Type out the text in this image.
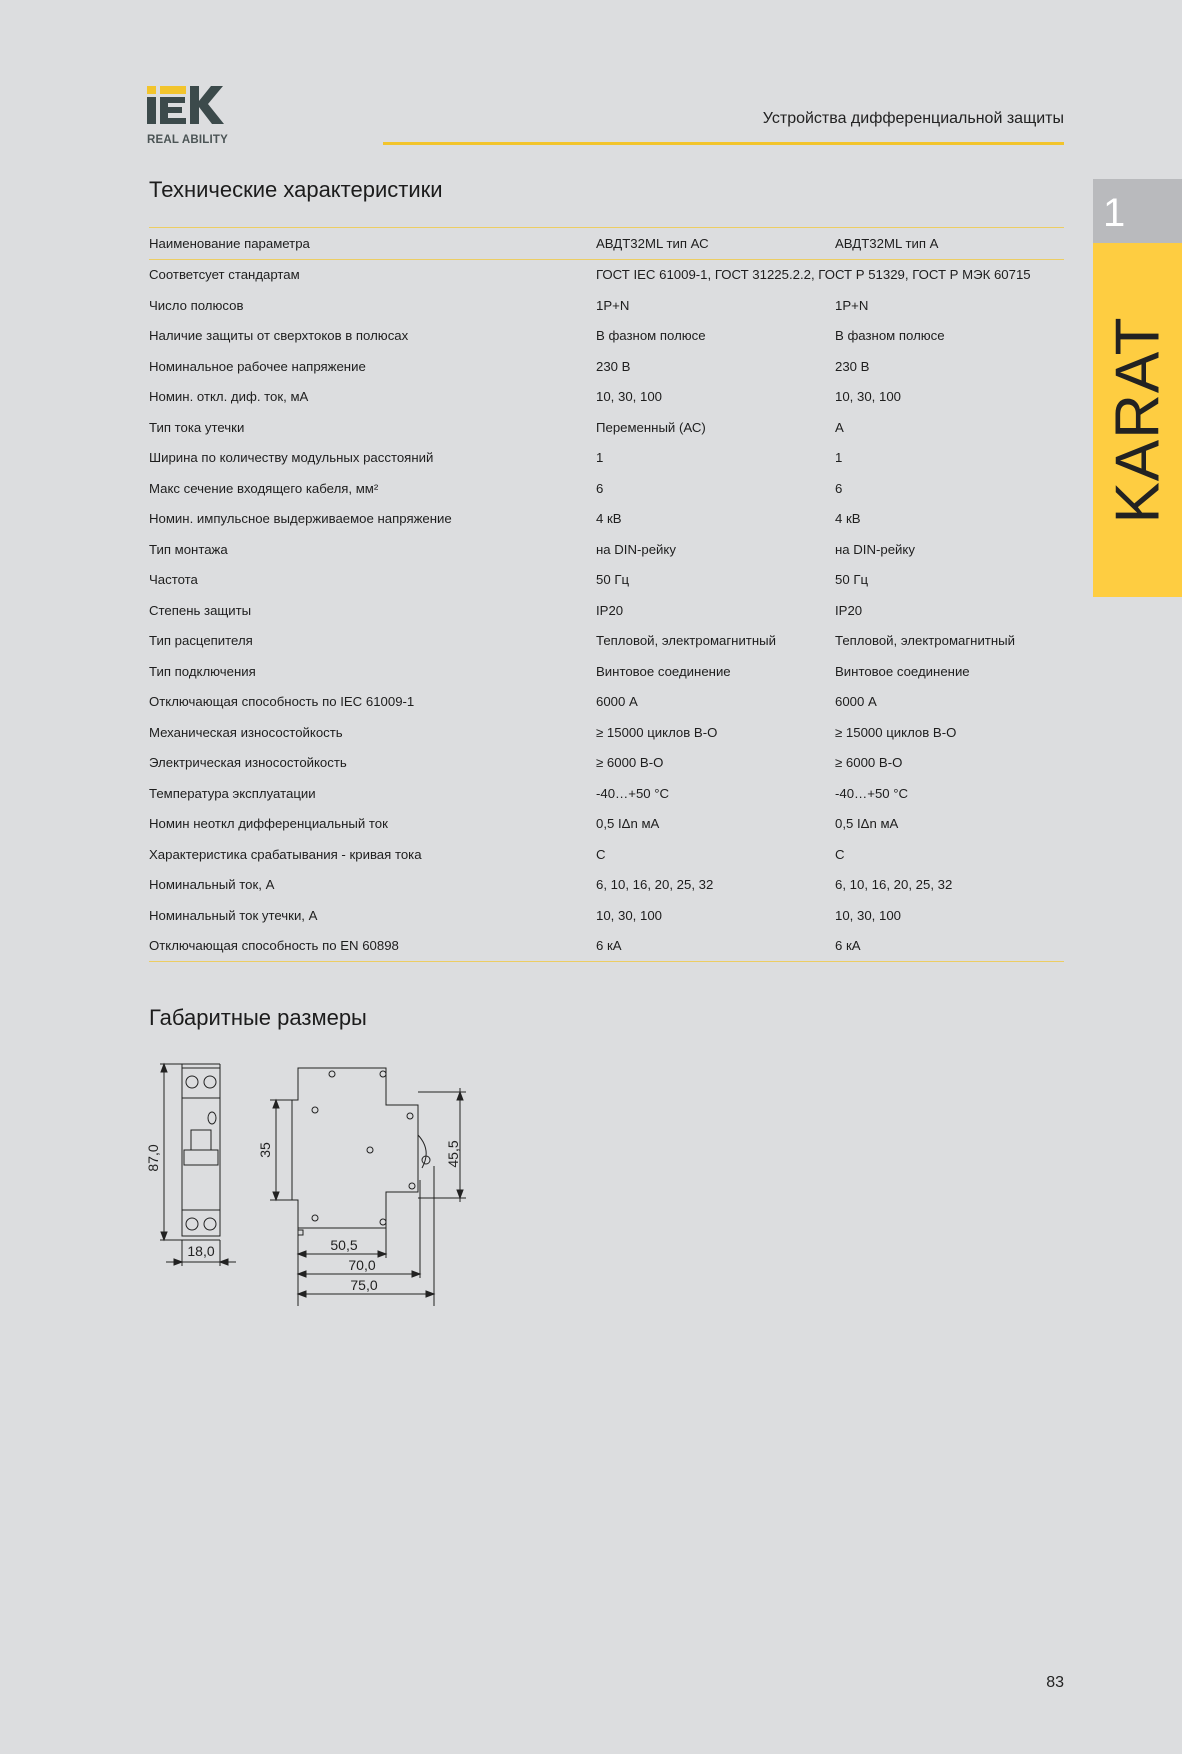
REAL ABILITY
Устройства дифференциальной защиты
1
KARAT
Технические характеристики
Наименование параметра	АВДТ32ML тип АС	АВДТ32ML тип А
Соответсует стандартам	ГОСТ IEC 61009-1, ГОСТ 31225.2.2, ГОСТ Р 51329, ГОСТ Р МЭК 60715	
Число полюсов	1P+N	1P+N
Наличие защиты от сверхтоков в полюсах	В фазном полюсе	В фазном полюсе
Номинальное рабочее напряжение	230 В	230 В
Номин. откл. диф. ток, мА	10, 30, 100	10, 30, 100
Тип тока утечки	Переменный (АС)	А
Ширина по количеству модульных расстояний	1	1
Макс сечение входящего кабеля, мм²	6	6
Номин. импульсное выдерживаемое напряжение	4 кВ	4 кВ
Тип монтажа	на DIN-рейку	на DIN-рейку
Частота	50 Гц	50 Гц
Степень защиты	IP20	IP20
Тип расцепителя	Тепловой, электромагнитный	Тепловой, электромагнитный
Тип подключения	Винтовое соединение	Винтовое соединение
Отключающая способность по IEC 61009-1	6000 А	6000 А
Механическая износостойкость	≥ 15000 циклов В-О	≥ 15000 циклов В-О
Электрическая износостойкость	≥ 6000 В-О	≥ 6000 В-О
Температура эксплуатации	-40…+50 °С	-40…+50 °С
Номин неоткл дифференциальный ток	0,5 IΔn мА	0,5 IΔn мА
Характеристика срабатывания - кривая тока	С	С
Номинальный ток, А	6, 10, 16, 20, 25, 32	6, 10, 16, 20, 25, 32
Номинальный ток утечки, А	10, 30, 100	10, 30, 100
Отключающая способность по EN 60898	6 кА	6 кА
Габаритные размеры
87,0
18,0
35	45,5
50,5
70,0
75,0
83
